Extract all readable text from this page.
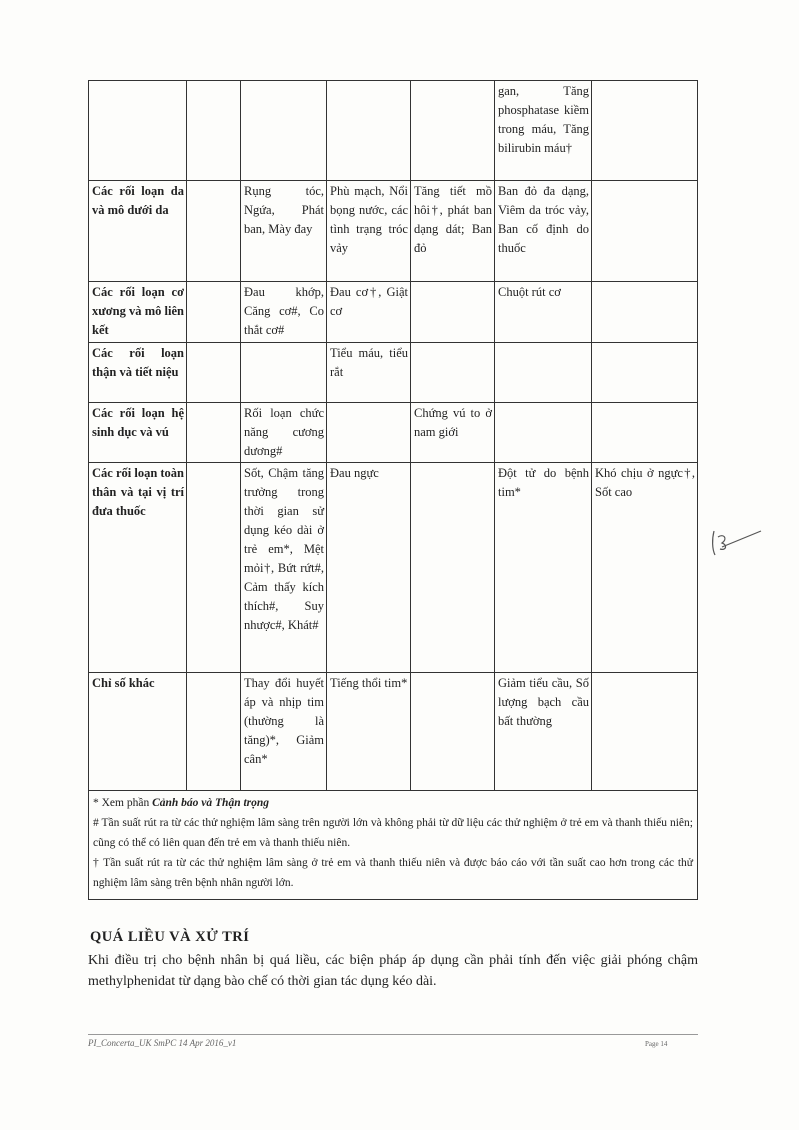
					gan, Tăng phosphatase kiềm trong máu, Tăng bilirubin máu†	
Các rối loạn da và mô dưới da		Rụng tóc, Ngứa, Phát ban, Mày đay	Phù mạch, Nổi bọng nước, các tình trạng tróc vảy	Tăng tiết mồ hôi†, phát ban dạng dát; Ban đỏ	Ban đỏ đa dạng, Viêm da tróc vảy, Ban cố định do thuốc	
Các rối loạn cơ xương và mô liên kết		Đau khớp, Căng cơ#, Co thắt cơ#	Đau cơ†, Giật cơ		Chuột rút cơ	
Các rối loạn thận và tiết niệu			Tiểu máu, tiểu rắt			
Các rối loạn hệ sinh dục và vú		Rối loạn chức năng cương dương#		Chứng vú to ở nam giới		
Các rối loạn toàn thân và tại vị trí đưa thuốc		Sốt, Chậm tăng trưởng trong thời gian sử dụng kéo dài ở trẻ em*, Mệt mỏi†, Bứt rứt#, Cảm thấy kích thích#, Suy nhược#, Khát#	Đau ngực		Đột tử do bệnh tim*	Khó chịu ở ngực†, Sốt cao
Chỉ số khác		Thay đổi huyết áp và nhịp tim (thường là tăng)*, Giảm cân*	Tiếng thổi tim*		Giảm tiểu cầu, Số lượng bạch cầu bất thường	

* Xem phần Cảnh báo và Thận trọng
# Tần suất rút ra từ các thử nghiệm lâm sàng trên người lớn và không phải từ dữ liệu các thử nghiệm ở trẻ em và thanh thiếu niên; cũng có thể có liên quan đến trẻ em và thanh thiếu niên.
† Tần suất rút ra từ các thử nghiệm lâm sàng ở trẻ em và thanh thiếu niên và được báo cáo với tần suất cao hơn trong các thử nghiệm lâm sàng trên bệnh nhân người lớn.						
QUÁ LIỀU VÀ XỬ TRÍ
Khi điều trị cho bệnh nhân bị quá liều, các biện pháp áp dụng cần phải tính đến việc giải phóng chậm methylphenidat từ dạng bào chế có thời gian tác dụng kéo dài.
PI_Concerta_UK SmPC 14 Apr 2016_v1	Page 14
